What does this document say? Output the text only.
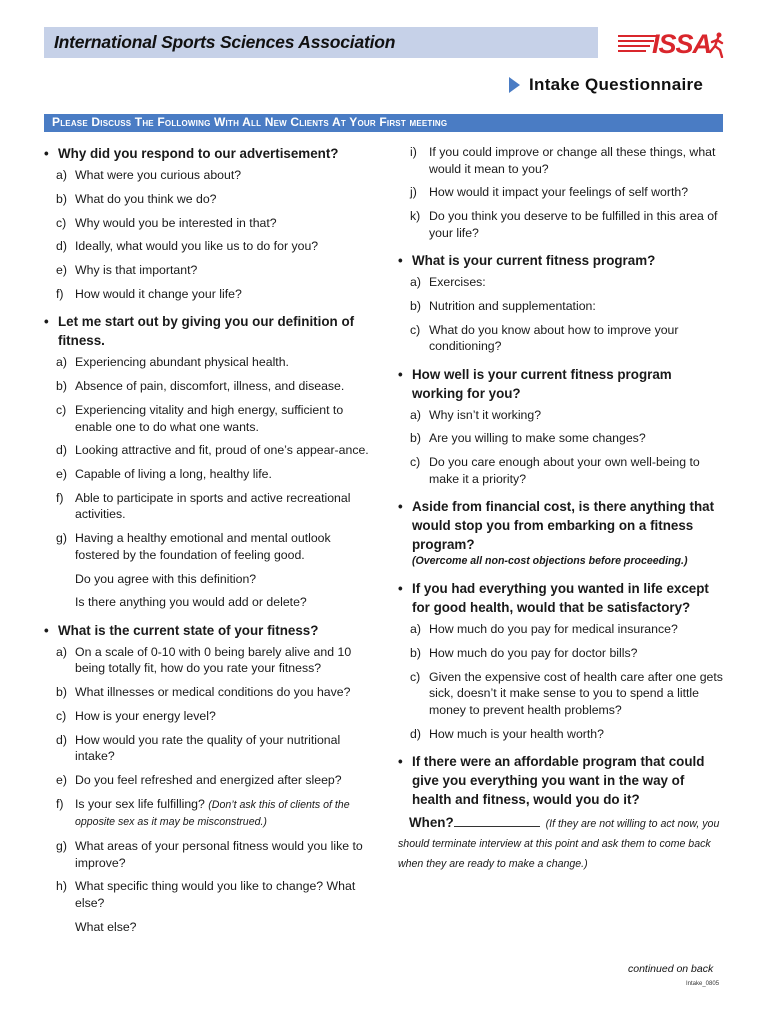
International Sports Sciences Association	ISSA
Intake Questionnaire
Please Discuss The Following With All New Clients At Your First meeting
• Why did you respond to our advertisement?
a) What were you curious about?
b) What do you think we do?
c) Why would you be interested in that?
d) Ideally, what would you like us to do for you?
e) Why is that important?
f) How would it change your life?
• Let me start out by giving you our definition of fitness.
a) Experiencing abundant physical health.
b) Absence of pain, discomfort, illness, and disease.
c) Experiencing vitality and high energy, sufficient to enable one to do what one wants.
d) Looking attractive and fit, proud of one’s appear-ance.
e) Capable of living a long, healthy life.
f) Able to participate in sports and active recreational activities.
g) Having a healthy emotional and mental outlook fostered by the foundation of feeling good.
Do you agree with this definition?
Is there anything you would add or delete?
• What is the current state of your fitness?
a) On a scale of 0-10 with 0 being barely alive and 10 being totally fit, how do you rate your fitness?
b) What illnesses or medical conditions do you have?
c) How is your energy level?
d) How would you rate the quality of your nutritional intake?
e) Do you feel refreshed and energized after sleep?
f) Is your sex life fulfilling? (Don’t ask this of clients of the opposite sex as it may be misconstrued.)
g) What areas of your personal fitness would you like to improve?
h) What specific thing would you like to change? What else?
What else?
i) If you could improve or change all these things, what would it mean to you?
j) How would it impact your feelings of self worth?
k) Do you think you deserve to be fulfilled in this area of your life?
• What is your current fitness program?
a) Exercises:
b) Nutrition and supplementation:
c) What do you know about how to improve your conditioning?
• How well is your current fitness program working for you?
a) Why isn’t it working?
b) Are you willing to make some changes?
c) Do you care enough about your own well-being to make it a priority?
• Aside from financial cost, is there anything that would stop you from embarking on a fitness program?
(Overcome all non-cost objections before proceeding.)
• If you had everything you wanted in life except for good health, would that be satisfactory?
a) How much do you pay for medical insurance?
b) How much do you pay for doctor bills?
c) Given the expensive cost of health care after one gets sick, doesn’t it make sense to you to spend a little money to prevent health problems?
d) How much is your health worth?
• If there were an affordable program that could give you everything you want in the way of health and fitness, would you do it?
When?	(If they are not willing to act now, you should terminate interview at this point and ask them to come back when they are ready to make a change.)
continued on back
Intake_0805
